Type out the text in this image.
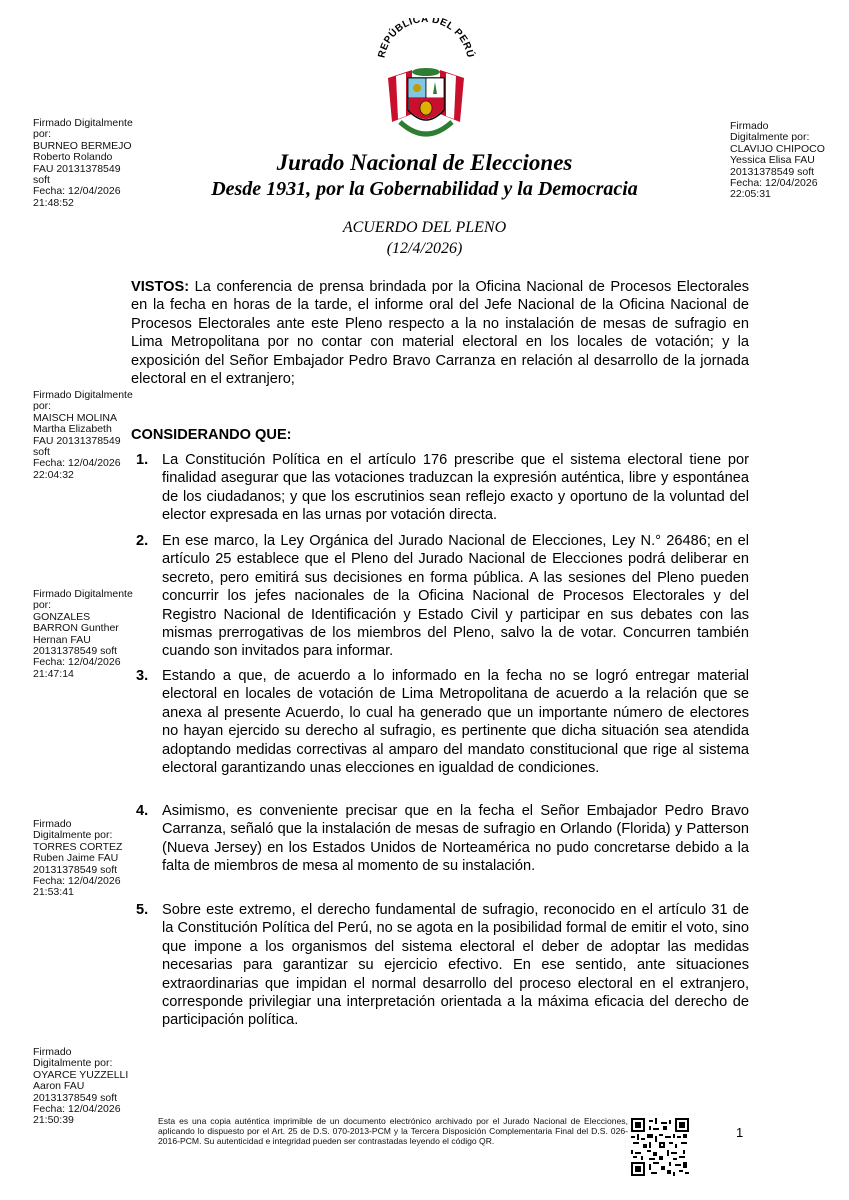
REPÚBLICA DEL PERÚ
Firmado Digitalmente
por:
BURNEO BERMEJO
Roberto Rolando
FAU 20131378549
soft
Fecha: 12/04/2026
21:48:52
Firmado
Digitalmente por:
CLAVIJO CHIPOCO
Yessica Elisa FAU
20131378549 soft
Fecha: 12/04/2026
22:05:31
Firmado Digitalmente
por:
MAISCH MOLINA
Martha Elizabeth
FAU 20131378549
soft
Fecha: 12/04/2026
22:04:32
Firmado Digitalmente
por:
GONZALES
BARRON Gunther
Hernan FAU
20131378549 soft
Fecha: 12/04/2026
21:47:14
Firmado
Digitalmente por:
TORRES CORTEZ
Ruben Jaime FAU
20131378549 soft
Fecha: 12/04/2026
21:53:41
Firmado
Digitalmente por:
OYARCE YUZZELLI
Aaron FAU
20131378549 soft
Fecha: 12/04/2026
21:50:39
Jurado Nacional de Elecciones
Desde 1931, por la Gobernabilidad y la Democracia
ACUERDO DEL PLENO
(12/4/2026)
VISTOS: La conferencia de prensa brindada por la Oficina Nacional de Procesos Electorales en la fecha en horas de la tarde, el informe oral del Jefe Nacional de la Oficina Nacional de Procesos Electorales ante este Pleno respecto a la no instalación de mesas de sufragio en Lima Metropolitana por no contar con material electoral en los locales de votación; y la exposición del Señor Embajador Pedro Bravo Carranza en relación al desarrollo de la jornada electoral en el extranjero;
CONSIDERANDO QUE:
1. La Constitución Política en el artículo 176 prescribe que el sistema electoral tiene por finalidad asegurar que las votaciones traduzcan la expresión auténtica, libre y espontánea de los ciudadanos; y que los escrutinios sean reflejo exacto y oportuno de la voluntad del elector expresada en las urnas por votación directa.
2. En ese marco, la Ley Orgánica del Jurado Nacional de Elecciones, Ley N.° 26486; en el artículo 25 establece que el Pleno del Jurado Nacional de Elecciones podrá deliberar en secreto, pero emitirá sus decisiones en forma pública. A las sesiones del Pleno pueden concurrir los jefes nacionales de la Oficina Nacional de Procesos Electorales y del Registro Nacional de Identificación y Estado Civil y participar en sus debates con las mismas prerrogativas de los miembros del Pleno, salvo la de votar. Concurren también cuando son invitados para informar.
3. Estando a que, de acuerdo a lo informado en la fecha no se logró entregar material electoral en locales de votación de Lima Metropolitana de acuerdo a la relación que se anexa al presente Acuerdo, lo cual ha generado que un importante número de electores no hayan ejercido su derecho al sufragio, es pertinente que dicha situación sea atendida adoptando medidas correctivas al amparo del mandato constitucional que rige al sistema electoral garantizando unas elecciones en igualdad de condiciones.
4. Asimismo, es conveniente precisar que en la fecha el Señor Embajador Pedro Bravo Carranza, señaló que la instalación de mesas de sufragio en Orlando (Florida) y Patterson (Nueva Jersey) en los Estados Unidos de Norteamérica no pudo concretarse debido a la falta de miembros de mesa al momento de su instalación.
5. Sobre este extremo, el derecho fundamental de sufragio, reconocido en el artículo 31 de la Constitución Política del Perú, no se agota en la posibilidad formal de emitir el voto, sino que impone a los organismos del sistema electoral el deber de adoptar las medidas necesarias para garantizar su ejercicio efectivo. En ese sentido, ante situaciones extraordinarias que impidan el normal desarrollo del proceso electoral en el extranjero, corresponde privilegiar una interpretación orientada a la máxima eficacia del derecho de participación política.
Esta es una copia auténtica imprimible de un documento electrónico archivado por el Jurado Nacional de Elecciones, aplicando lo dispuesto por el Art. 25 de D.S. 070-2013-PCM y la Tercera Disposición Complementaria Final del D.S. 026-2016-PCM. Su autenticidad e integridad pueden ser contrastadas leyendo el código QR.
1
